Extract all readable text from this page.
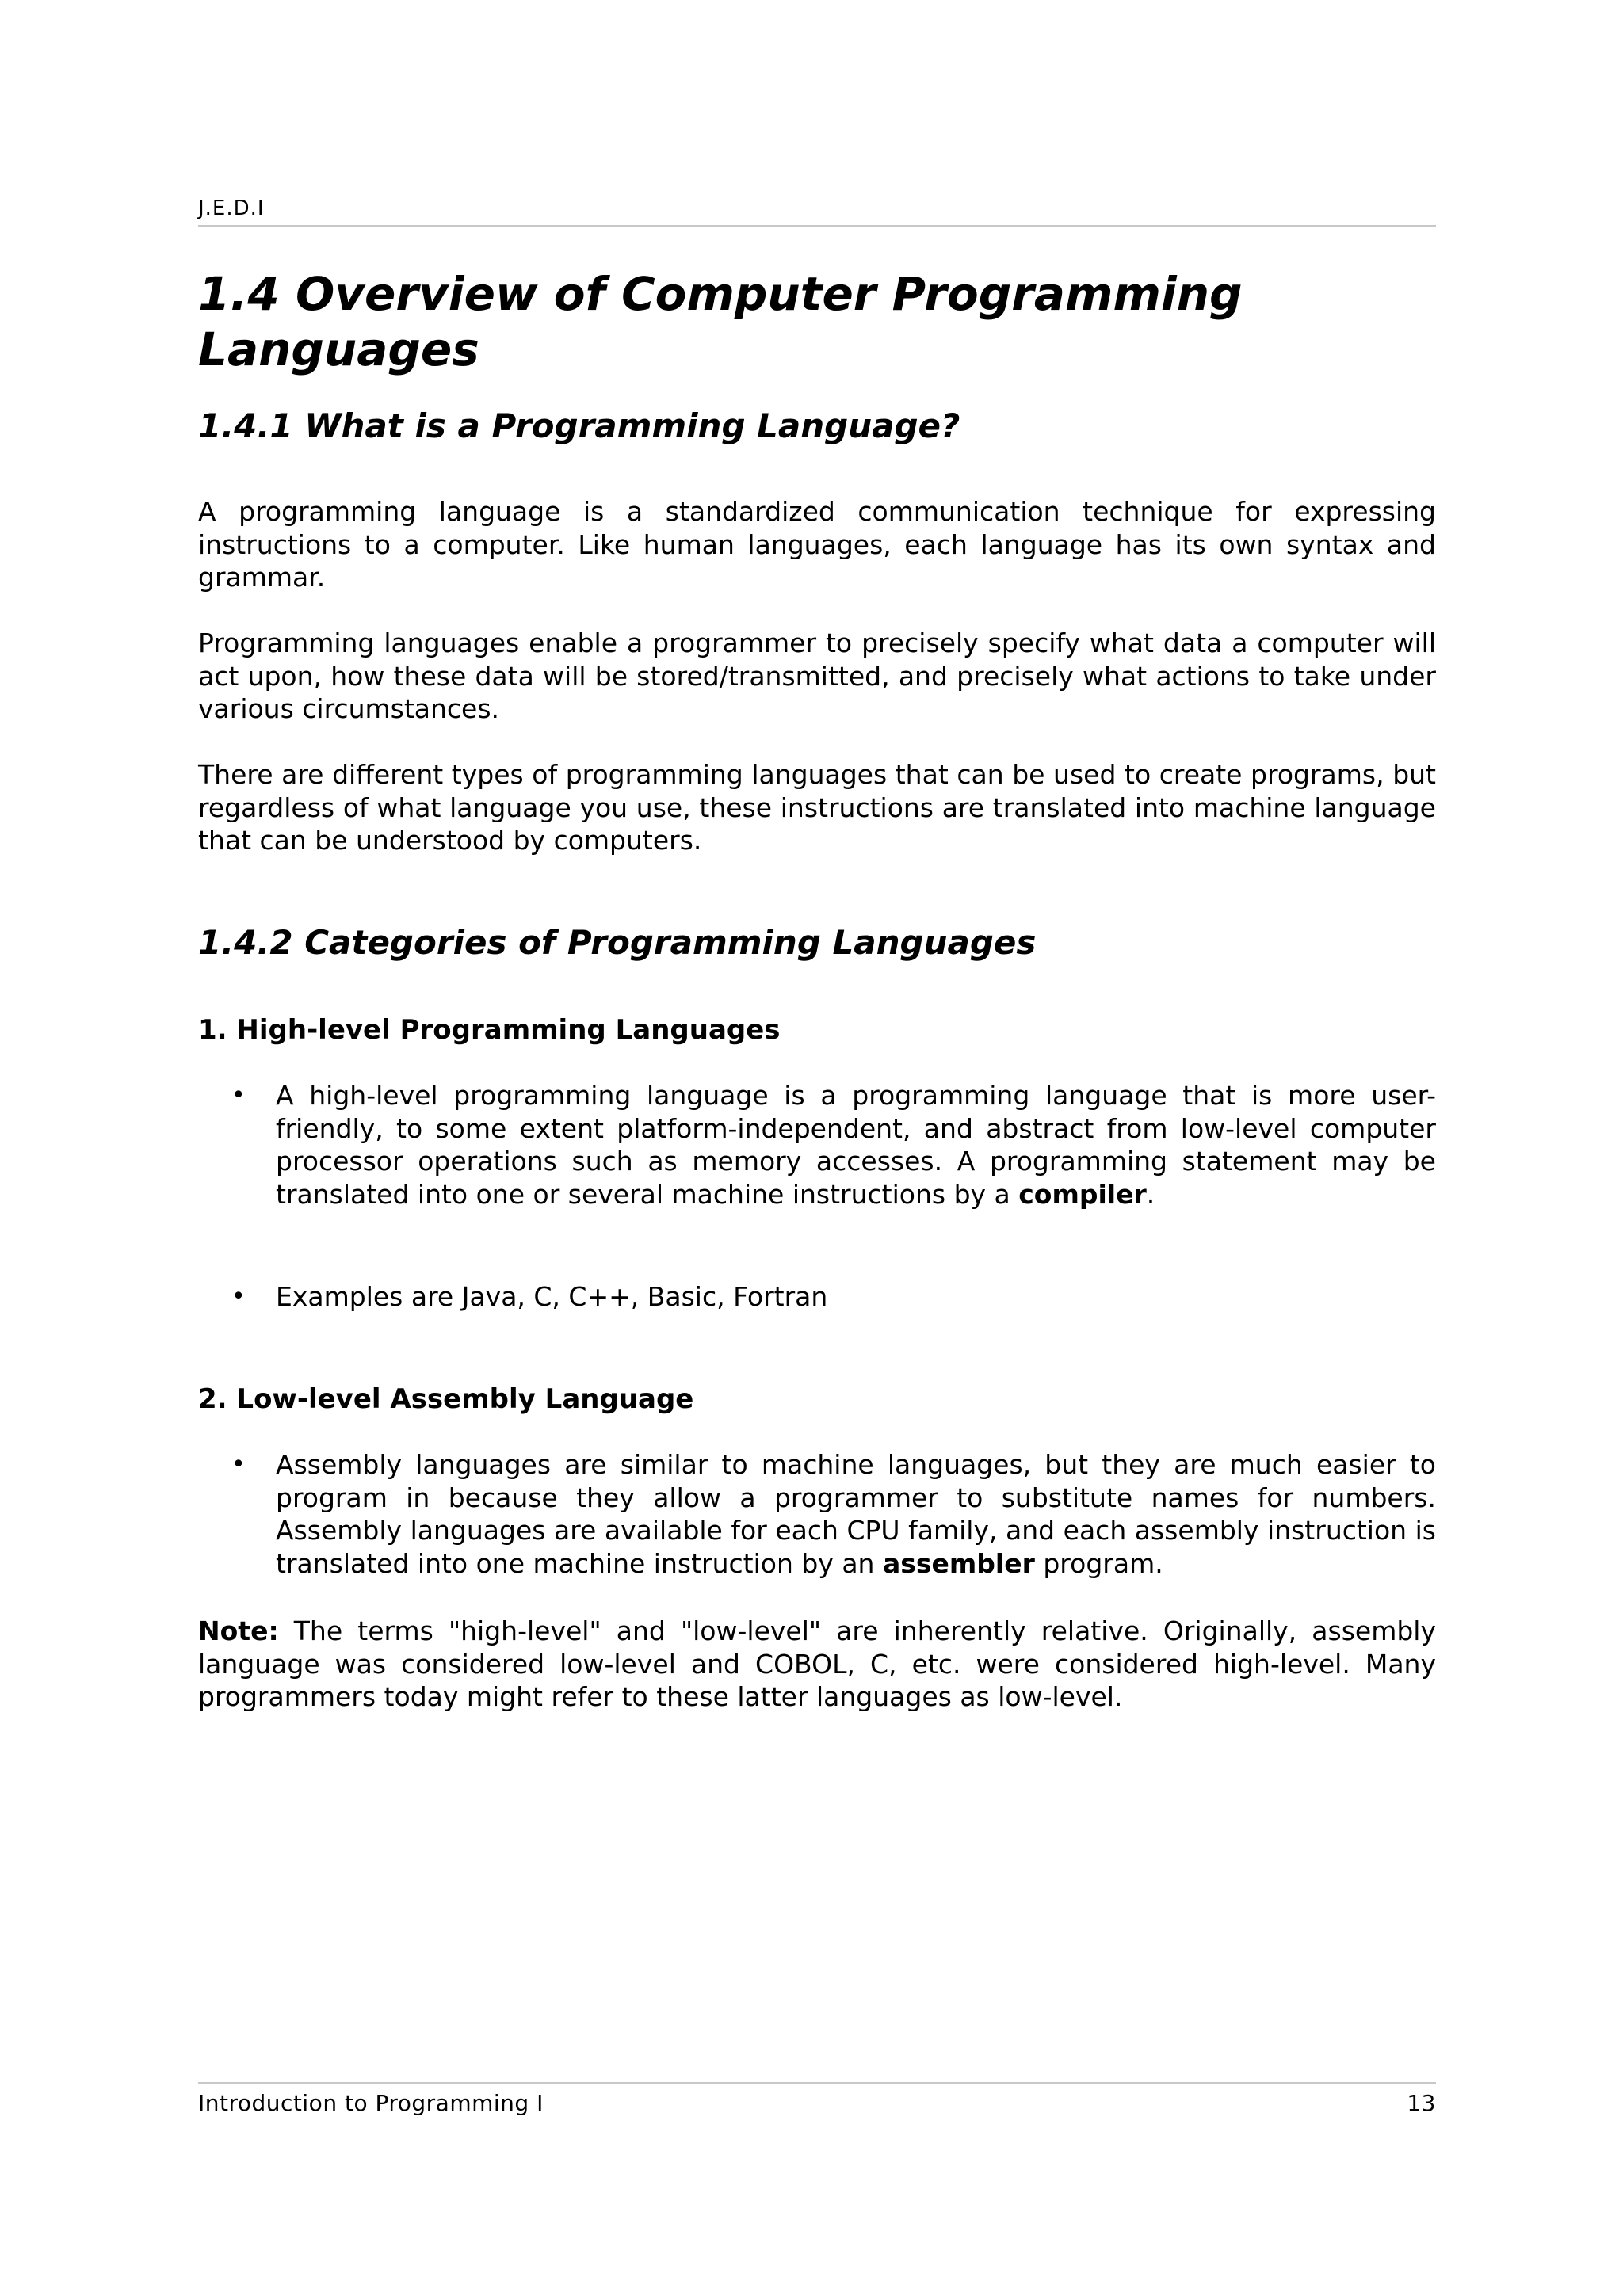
J.E.D.I
1.4 Overview of Computer Programming Languages
1.4.1 What is a Programming Language?

A programming language is a standardized communication technique for expressing instructions to a computer. Like human languages, each language has its own syntax and grammar.

Programming languages enable a programmer to precisely specify what data a computer will act upon, how these data will be stored/transmitted, and precisely what actions to take under various circumstances.

There are different types of programming languages that can be used to create programs, but regardless of what language you use, these instructions are translated into machine language that can be understood by computers.

1.4.2 Categories of Programming Languages
1. High-level Programming Languages
• A high-level programming language is a programming language that is more user-friendly, to some extent platform-independent, and abstract from low-level computer processor operations such as memory accesses. A programming statement may be translated into one or several machine instructions by a compiler.

• Examples are Java, C, C++, Basic, Fortran

2. Low-level Assembly Language
• Assembly languages are similar to machine languages, but they are much easier to program in because they allow a programmer to substitute names for numbers. Assembly languages are available for each CPU family, and each assembly instruction is translated into one machine instruction by an assembler program.

Note: The terms "high-level" and "low-level" are inherently relative. Originally, assembly language was considered low-level and COBOL, C, etc. were considered high-level. Many programmers today might refer to these latter languages as low-level.

Introduction to Programming I	13
